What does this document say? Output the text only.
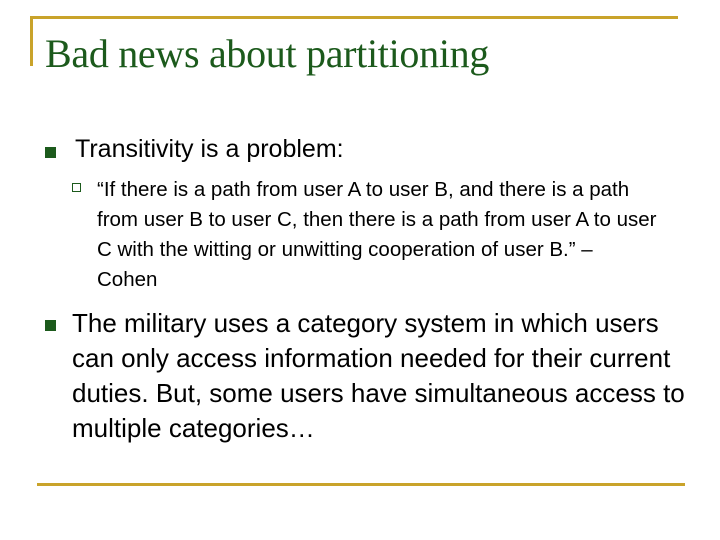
Bad news about partitioning
Transitivity is a problem:
“If there is a path from user A to user B, and there is a path from user B to user C, then there is a path from user A to user C with the witting or unwitting cooperation of user B.” – Cohen
The military uses a category system in which users can only access information needed for their current duties. But, some users have simultaneous access to multiple categories…
